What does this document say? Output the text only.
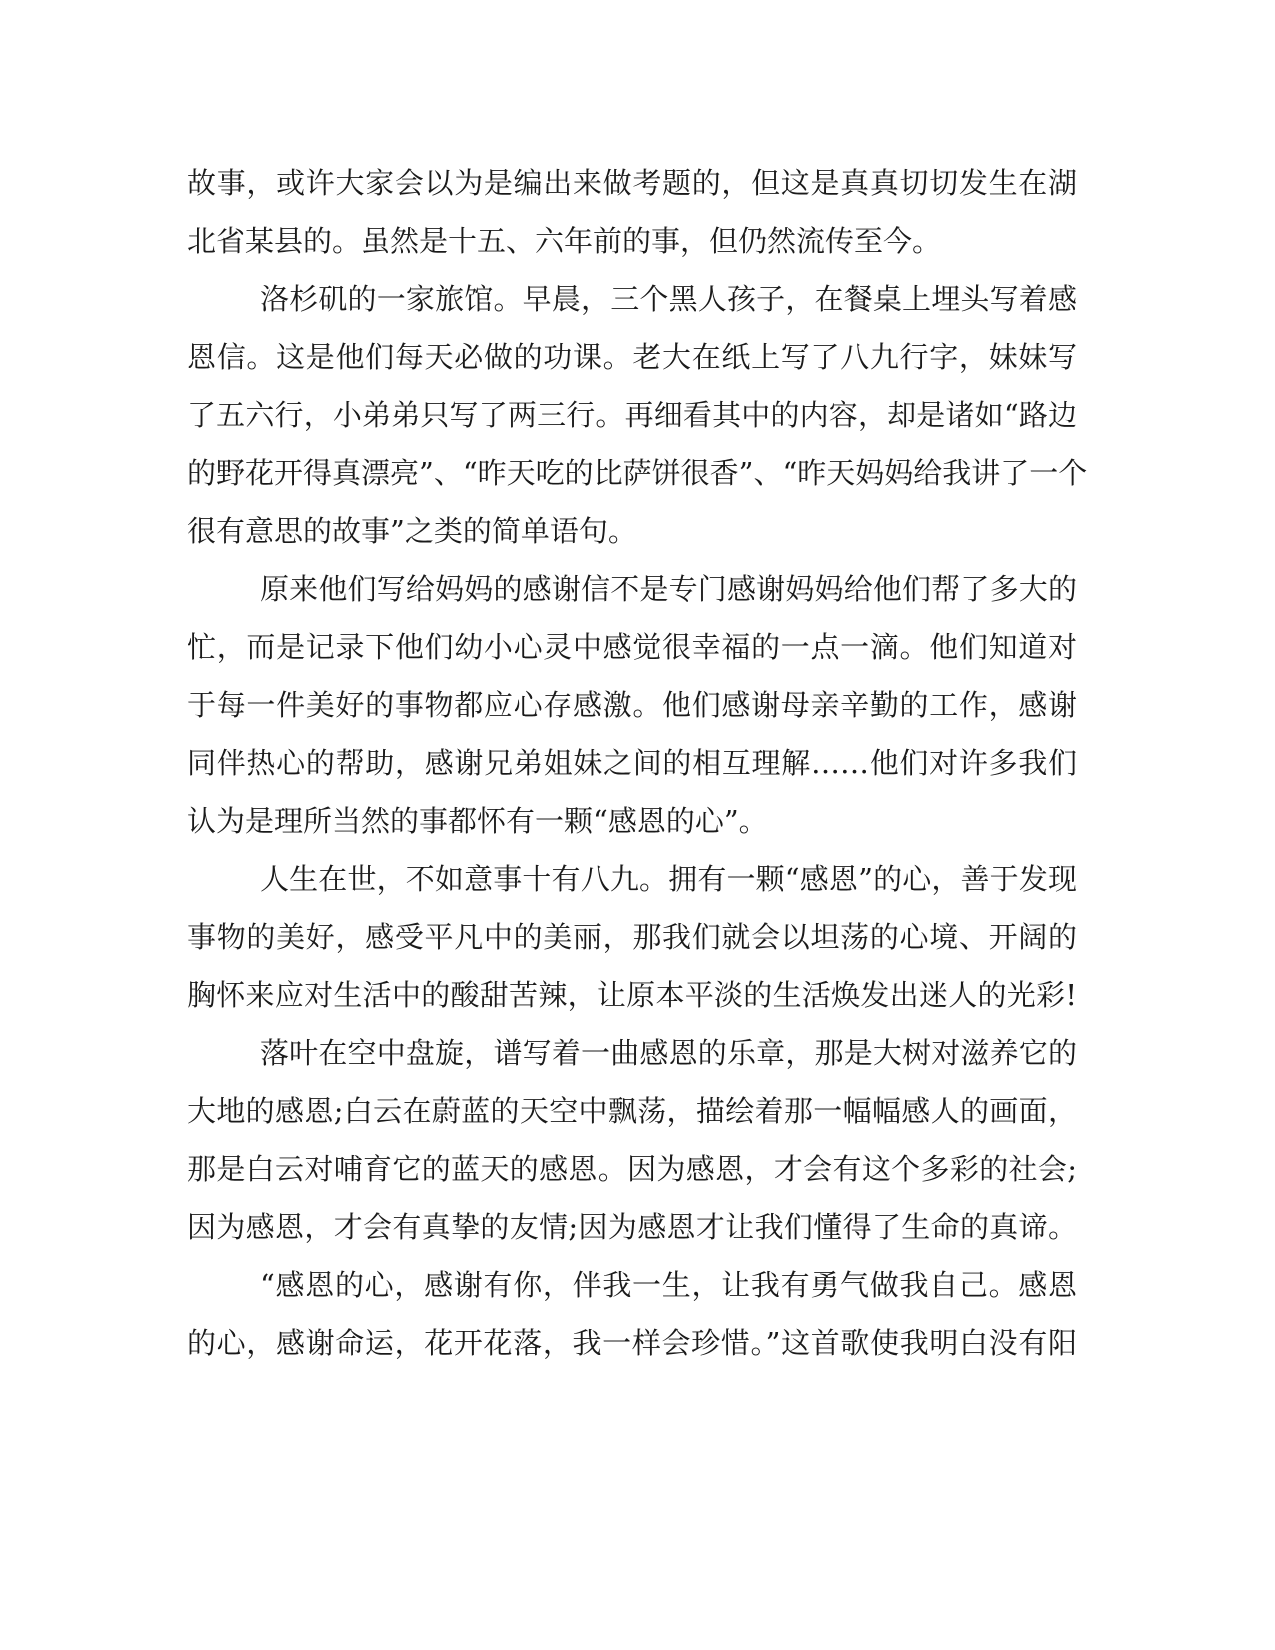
故事，或许大家会以为是编出来做考题的，但这是真真切切发生在湖
北省某县的。虽然是十五、六年前的事，但仍然流传至今。
洛杉矶的一家旅馆。早晨，三个黑人孩子，在餐桌上埋头写着感
恩信。这是他们每天必做的功课。老大在纸上写了八九行字，妹妹写
了五六行，小弟弟只写了两三行。再细看其中的内容，却是诸如“路边
的野花开得真漂亮”、“昨天吃的比萨饼很香”、“昨天妈妈给我讲了一个
很有意思的故事”之类的简单语句。
原来他们写给妈妈的感谢信不是专门感谢妈妈给他们帮了多大的
忙，而是记录下他们幼小心灵中感觉很幸福的一点一滴。他们知道对
于每一件美好的事物都应心存感激。他们感谢母亲辛勤的工作，感谢
同伴热心的帮助，感谢兄弟姐妹之间的相互理解……他们对许多我们
认为是理所当然的事都怀有一颗“感恩的心”。
人生在世，不如意事十有八九。拥有一颗“感恩”的心，善于发现
事物的美好，感受平凡中的美丽，那我们就会以坦荡的心境、开阔的
胸怀来应对生活中的酸甜苦辣，让原本平淡的生活焕发出迷人的光彩!
落叶在空中盘旋，谱写着一曲感恩的乐章，那是大树对滋养它的
大地的感恩;白云在蔚蓝的天空中飘荡，描绘着那一幅幅感人的画面，
那是白云对哺育它的蓝天的感恩。因为感恩，才会有这个多彩的社会;
因为感恩，才会有真挚的友情;因为感恩才让我们懂得了生命的真谛。
“感恩的心，感谢有你，伴我一生，让我有勇气做我自己。感恩
的心，感谢命运，花开花落，我一样会珍惜。”这首歌使我明白没有阳
